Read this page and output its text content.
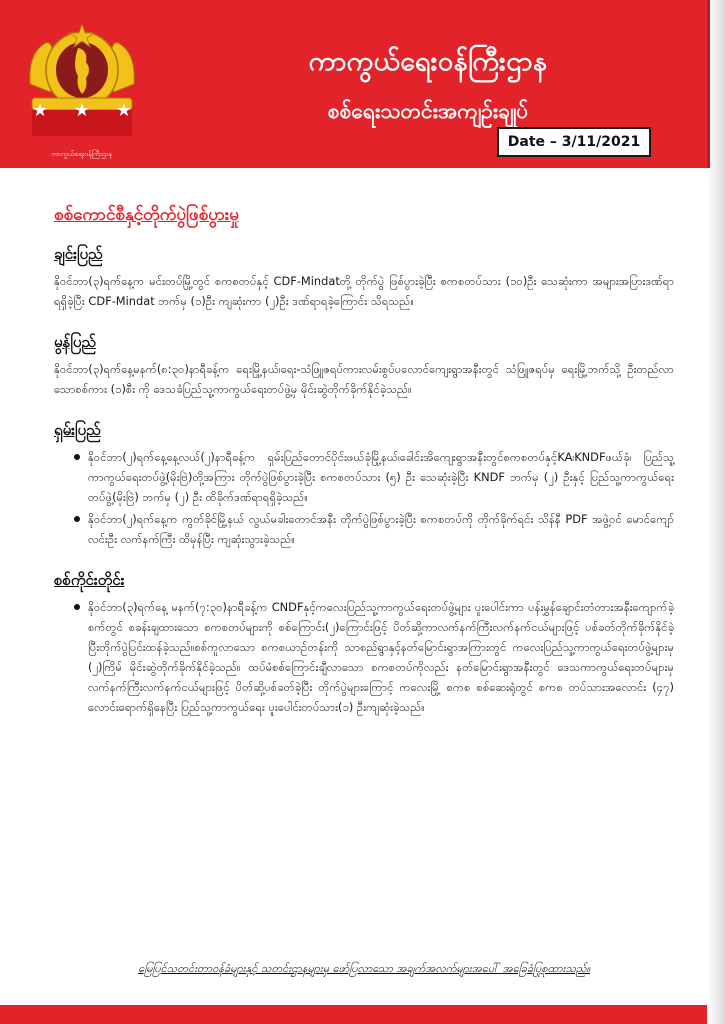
★ ★ ★
ကာကွယ်ရေးဝန်ကြီးဌာန
ကာကွယ်ရေးဝန်ကြီးဌာန
စစ်ရေးသတင်းအကျဉ်းချုပ်
Date – 3/11/2021
စစ်ကောင်စီနှင့်တိုက်ပွဲဖြစ်ပွားမှု
ချင်းပြည်

နိုဝင်ဘာ(၃)ရက်နေ့က မင်းတပ်မြို့တွင် စကစတပ်နှင့် CDF-Mindatတို့ တိုက်ပွဲ ဖြစ်ပွားခဲ့ပြီး စကစတပ်သား (၁၀)ဦး သေဆုံးကာ အများအပြားဒဏ်ရာရရှိခဲ့ပြီး CDF-Mindat ဘက်မှ (၁)ဦး ကျဆုံးကာ (၂)ဦး ဒဏ်ရာရခဲ့ကြောင်း သိရသည်။

မွန်ပြည်

နိုဝင်ဘာ(၃)ရက်နေ့မနက်(၈:၃၀)နာရီခန့်က ရေးမြို့နယ်၊ရေး-သံဖြူဇရပ်ကားလမ်းစွပ်ပလောင်ကျေးရွာအနီးတွင် သံဖြူဇရပ်မှ ရေးမြို့ဘက်သို့ ဦးတည်လာသောစစ်ကား (၁)စီး ကို ဒေသခံပြည်သူ့ကာကွယ်ရေးတပ်ဖွဲ့မှ မိုင်းဆွဲတိုက်ခိုက်နိုင်ခဲ့သည်။

ရှမ်းပြည်
နိုဝင်ဘာ(၂)ရက်နေ့နေ့လယ်(၂)နာရီခန့်က ရှမ်းပြည်တောင်ပိုင်းဖယ်ခုံမြို့နယ်၊ခေါင်းအိကျေးရွာအနီးတွင်စကစတပ်နှင့်KA၊KNDFဖယ်ခုံ၊ ပြည်သူ့ကာကွယ်ရေးတပ်ဖွဲ့(မိုးဗြဲ)တို့အကြား တိုက်ပွဲဖြစ်ပွားခဲ့ပြီး စကစတပ်သား (၅) ဦး သေဆုံးခဲ့ပြီး KNDF ဘက်မှ (၂) ဦးနှင့် ပြည်သူ့ကာကွယ်ရေးတပ်ဖွဲ့(မိုးဗြဲ) ဘက်မှ (၂) ဦး ထိခိုက်ဒဏ်ရာရရှိခဲ့သည်။
နိုဝင်ဘာ(၂)ရက်နေ့က ကွတ်ခိုင်မြို့နယ် လွယ်မခါးတောင်အနီး တိုက်ပွဲဖြစ်ပွားခဲ့ပြီး စကစတပ်ကို တိုက်ခိုက်ရင်း သိန်နီ PDF အဖွဲ့ဝင် မောင်ကျော်လင်းဦး လက်နက်ကြီး ထိမှန်ပြီး ကျဆုံးသွားခဲ့သည်။
စစ်ကိုင်းတိုင်း
နိုဝင်ဘာ(၃)ရက်နေ့ မနက်(၇:၃၀)နာရီခန့်က CNDFနှင့်ကလေးပြည်သူ့ကာကွယ်ရေးတပ်ဖွဲ့များ ပူးပေါင်းကာ ပန်းမွှန်ချောင်းတံတားအနီးကျောက်ခဲ့စက်တွင် စခန်းချထားသော စကစတပ်များကို စစ်ကြောင်း(၂)ကြောင်းဖြင့် ပိတ်ဆို့ကာလက်နက်ကြီးလက်နက်ငယ်များဖြင့် ပစ်ခတ်တိုက်ခိုက်နိုင်ခဲ့ပြီးတိုက်ပွဲပြင်းထန်ခဲ့သည်။စစ်ကူလာသော စကစယာဉ်တန်းကို သာစည်ရွာနှင့်နတ်မြောင်းရွာအကြားတွင် ကလေးပြည်သူ့ကာကွယ်ရေးတပ်ဖွဲ့များမှ (၂)ကြိမ် မိုင်းဆွဲတိုက်ခိုက်နိုင်ခဲ့သည်။ ထပ်မံစစ်ကြောင်းချီလာသော စကစတပ်ကိုလည်း နတ်မြောင်းရွာအနီးတွင် ဒေသကာကွယ်ရေးတပ်များမှ လက်နက်ကြီးလက်နက်ငယ်များဖြင့် ပိတ်ဆို့ပစ်ခတ်ခဲ့ပြီး တိုက်ပွဲများကြောင့် ကလေးမြို့ စကစ စစ်ဆေးရုံတွင် စကစ တပ်သားအလောင်း (၄၇) လောင်းရောက်ရှိနေပြီး ပြည်သူ့ကာကွယ်ရေး ပူးပေါင်းတပ်သား(၁) ဦးကျဆုံးခဲ့သည်။
မြေပြင်သတင်းတာဝန်ခံများနှင့် သတင်းဌာနများမှ ဖော်ပြလာသော အချက်အလက်များအပေါ် အခြေခံပြုစုထားသည်။
